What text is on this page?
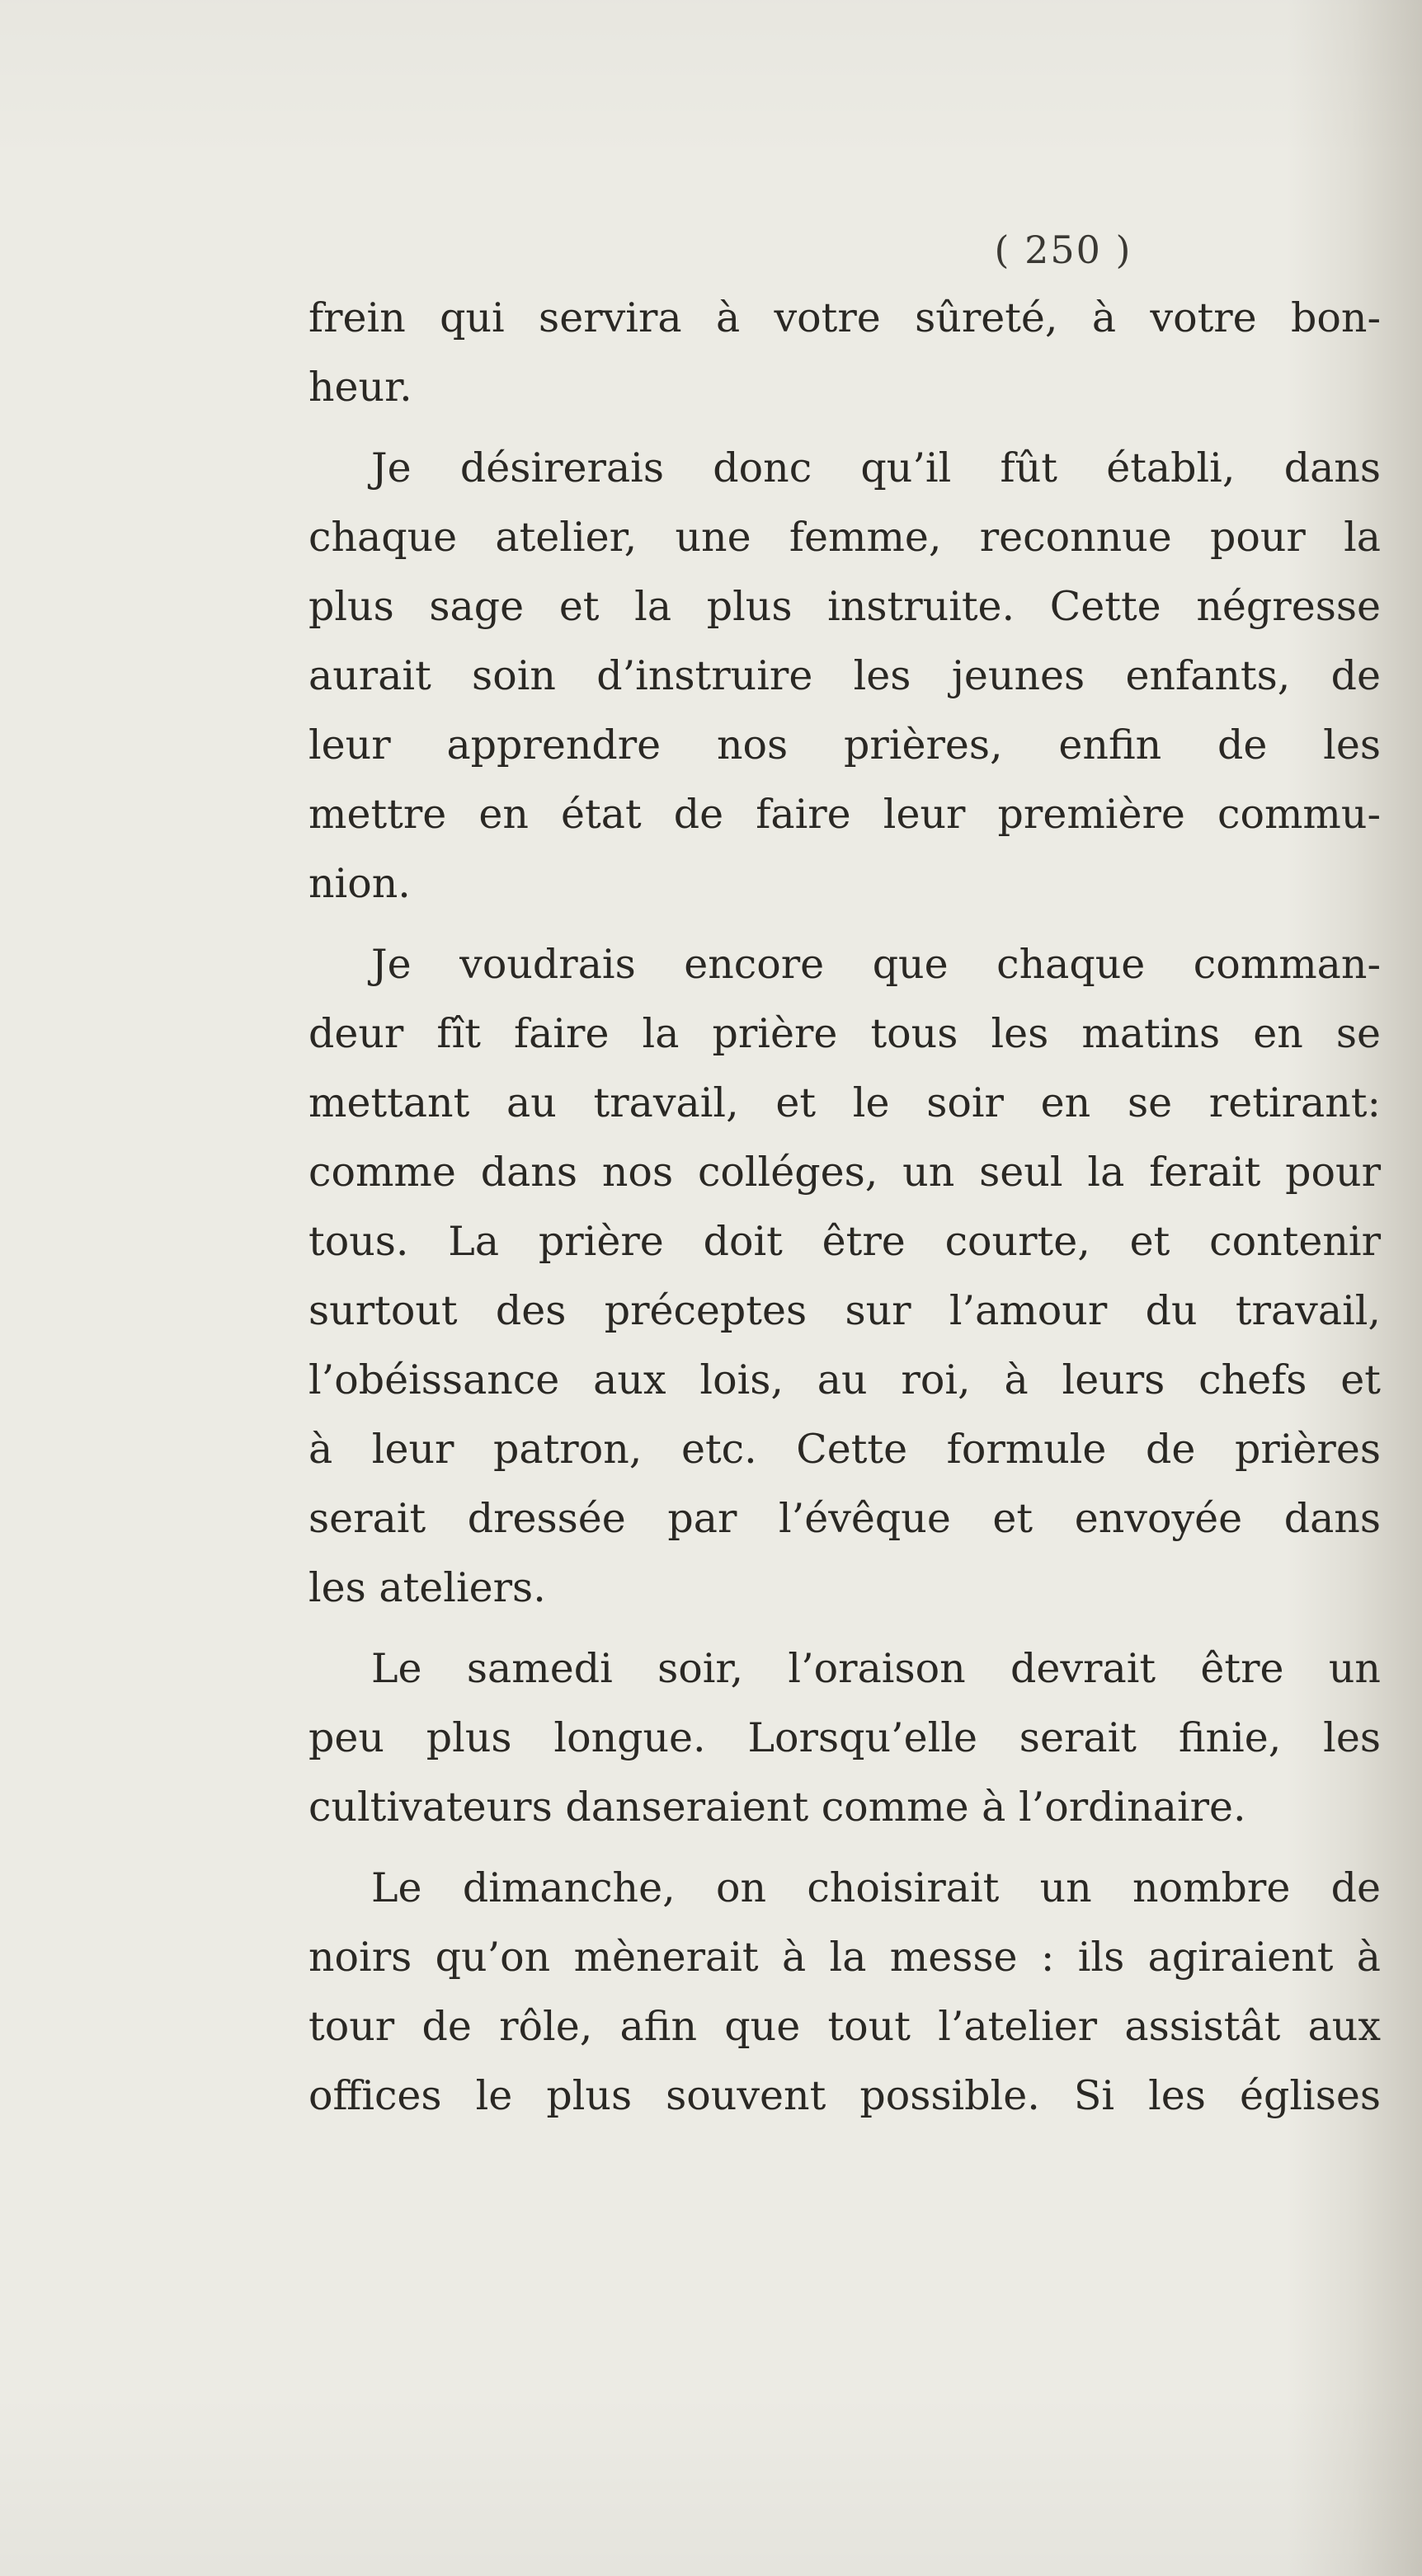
( 250 )
frein qui servira à votre sûreté, à votre bon-
heur.
Je désirerais donc qu’il fût établi, dans
chaque atelier, une femme, reconnue pour la
plus sage et la plus instruite. Cette négresse
aurait soin d’instruire les jeunes enfants, de
leur apprendre nos prières, enfin de les
mettre en état de faire leur première commu-
nion.
Je voudrais encore que chaque comman-
deur fît faire la prière tous les matins en se
mettant au travail, et le soir en se retirant:
comme dans nos colléges, un seul la ferait pour
tous. La prière doit être courte, et contenir
surtout des préceptes sur l’amour du travail,
l’obéissance aux lois, au roi, à leurs chefs et
à leur patron, etc. Cette formule de prières
serait dressée par l’évêque et envoyée dans
les ateliers.
Le samedi soir, l’oraison devrait être un
peu plus longue. Lorsqu’elle serait finie, les
cultivateurs danseraient comme à l’ordinaire.
Le dimanche, on choisirait un nombre de
noirs qu’on mènerait à la messe : ils agiraient à
tour de rôle, afin que tout l’atelier assistât aux
offices le plus souvent possible. Si les églises
